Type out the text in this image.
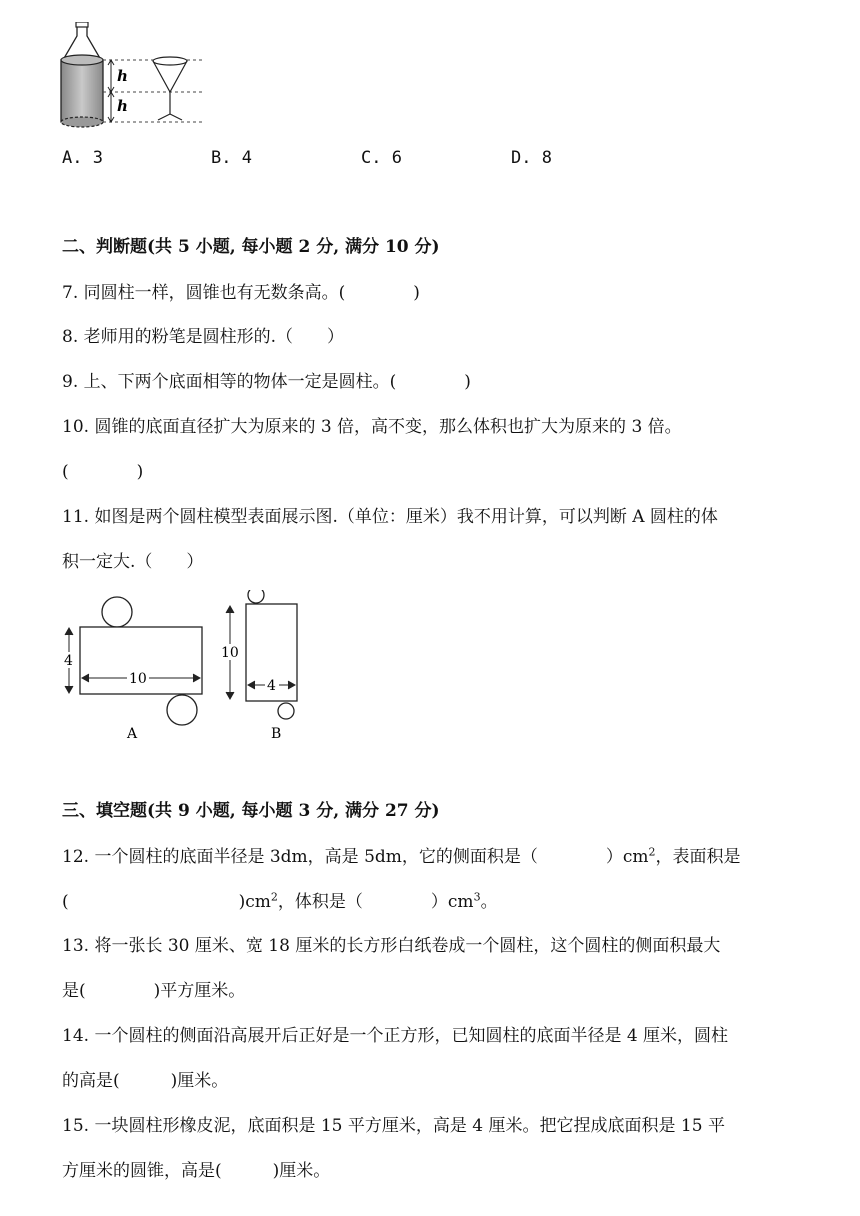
h
h
A. 3	B. 4	C. 6	D. 8
二、判断题(共 5 小题, 每小题 2 分, 满分 10 分)
7. 同圆柱一样，圆锥也有无数条高。(　　　　)
8. 老师用的粉笔是圆柱形的.（　　）
9. 上、下两个底面相等的物体一定是圆柱。(　　　　)
10. 圆锥的底面直径扩大为原来的 3 倍，高不变，那么体积也扩大为原来的 3 倍。
(　　　　)
11. 如图是两个圆柱模型表面展示图.（单位：厘米）我不用计算，可以判断 A 圆柱的体
积一定大.（　　）
4
10
A
10
4
B
三、填空题(共 9 小题, 每小题 3 分, 满分 27 分)
12. 一个圆柱的底面半径是 3dm，高是 5dm，它的侧面积是（　　　　）$cm^2$，表面积是
(　　　　　　　　　　)$cm^2$，体积是（　　　　）$cm^3$。
13. 将一张长 30 厘米、宽 18 厘米的长方形白纸卷成一个圆柱，这个圆柱的侧面积最大
是(　　　　)平方厘米。
14. 一个圆柱的侧面沿高展开后正好是一个正方形，已知圆柱的底面半径是 4 厘米，圆柱
的高是(　　　)厘米。
15. 一块圆柱形橡皮泥，底面积是 15 平方厘米，高是 4 厘米。把它捏成底面积是 15 平
方厘米的圆锥，高是(　　　)厘米。
